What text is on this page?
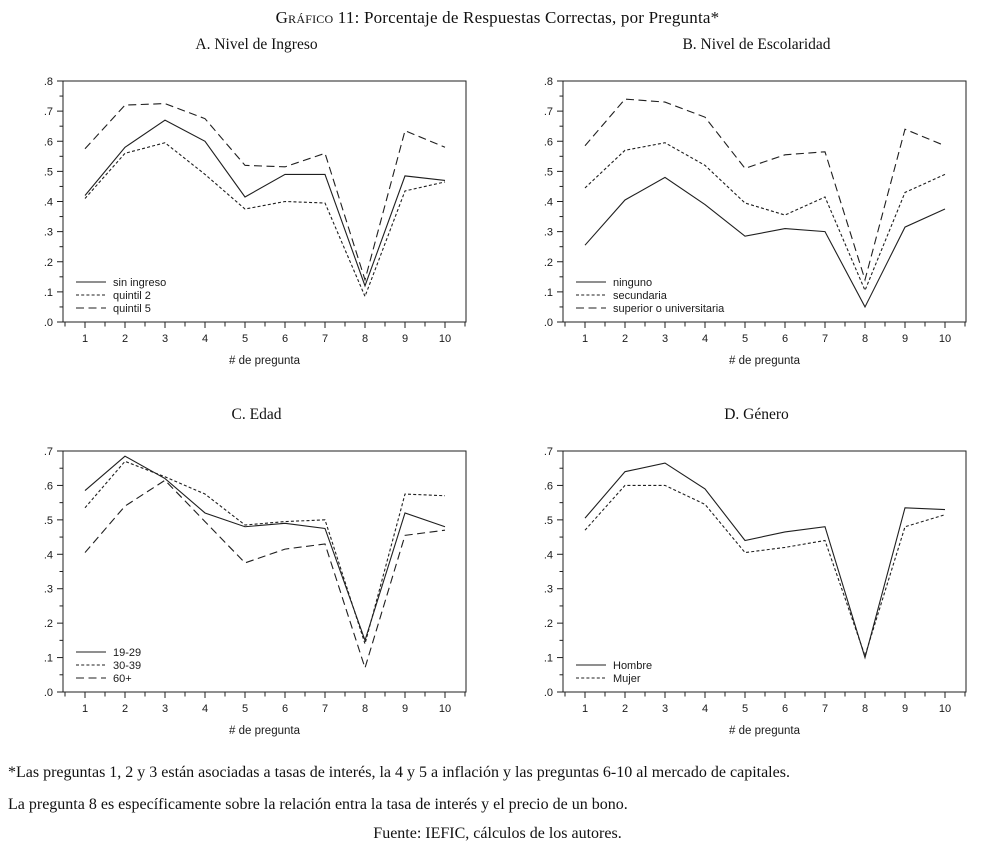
Gráfico 11: Porcentaje de Respuestas Correctas, por Pregunta*
A. Nivel de Ingreso
.0
.1
.2
.3
.4
.5
.6
.7
.8
1	2	3	4	5	6	7	8	9	10
# de pregunta
sin ingreso
quintil 2
quintil 5
B. Nivel de Escolaridad
.0
.1
.2
.3
.4
.5
.6
.7
.8
1	2	3	4	5	6	7	8	9	10
# de pregunta
ninguno
secundaria
superior o universitaria
C. Edad
.0
.1
.2
.3
.4
.5
.6
.7
1	2	3	4	5	6	7	8	9	10
# de pregunta
19-29
30-39
60+
D. Género
.0
.1
.2
.3
.4
.5
.6
.7
1	2	3	4	5	6	7	8	9	10
# de pregunta
Hombre
Mujer
*Las preguntas 1, 2 y 3 están asociadas a tasas de interés, la 4 y 5 a inflación y las preguntas 6-10 al mercado de capitales.
La pregunta 8 es específicamente sobre la relación entra la tasa de interés y el precio de un bono.
Fuente: IEFIC, cálculos de los autores.
